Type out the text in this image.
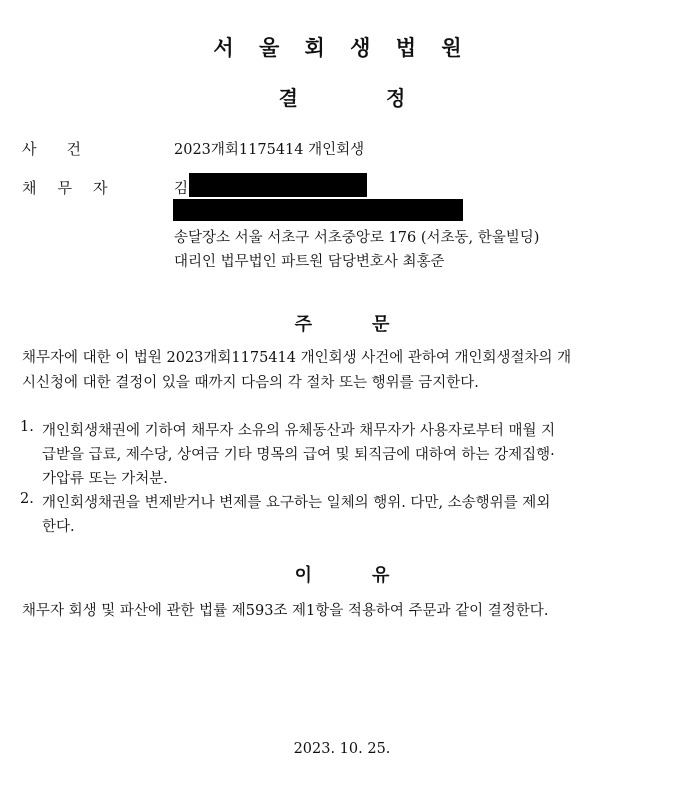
서 울 회 생 법 원
결	정
사건	2023개회1175414 개인회생
채무자	김
송달장소 서울 서초구 서초중앙로 176 (서초동, 한울빌딩)
대리인 법무법인 파트원 담당변호사 최홍준
주	문
채무자에 대한 이 법원 2023개회1175414 개인회생 사건에 관하여 개인회생절차의 개
시신청에 대한 결정이 있을 때까지 다음의 각 절차 또는 행위를 금지한다.
1. 개인회생채권에 기하여 채무자 소유의 유체동산과 채무자가 사용자로부터 매월 지
급받을 급료, 제수당, 상여금 기타 명목의 급여 및 퇴직금에 대하여 하는 강제집행·
가압류 또는 가처분.
2. 개인회생채권을 변제받거나 변제를 요구하는 일체의 행위. 다만, 소송행위를 제외
한다.
이	유
채무자 회생 및 파산에 관한 법률 제593조 제1항을 적용하여 주문과 같이 결정한다.
2023. 10. 25.
